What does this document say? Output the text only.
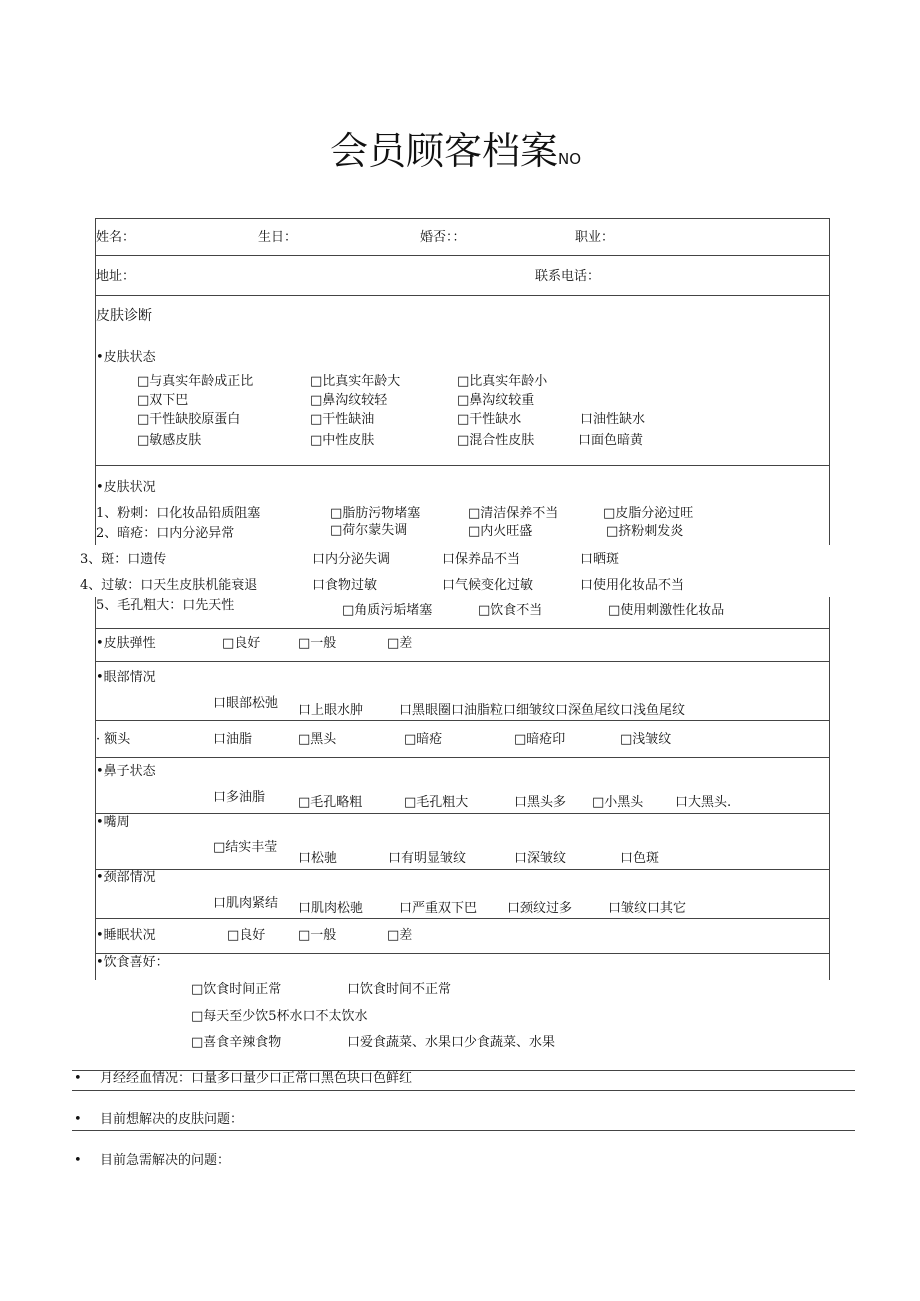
会员顾客档案NO
姓名：	生日：	婚否：：	职业：
地址：	联系电话：
皮肤诊断
•皮肤状态
□与真实年龄成正比	□比真实年龄大	□比真实年龄小
□双下巴	□鼻沟纹较轻	□鼻沟纹较重
□干性缺胶原蛋白	□干性缺油	□干性缺水	口油性缺水
□敏感皮肤	□中性皮肤	□混合性皮肤	口面色暗黄
•皮肤状况
1、粉刺：口化妆品铅质阻塞	□脂肪污物堵塞	□清洁保养不当	□皮脂分泌过旺
2、暗疮：口内分泌异常	□荷尔蒙失调	□内火旺盛	□挤粉刺发炎
3、斑：口遗传	口内分泌失调	口保养品不当	口晒斑
4、过敏：口天生皮肤机能衰退	口食物过敏	口气候变化过敏	口使用化妆品不当
5、毛孔粗大：口先天性	□角质污垢堵塞	□饮食不当	□使用刺激性化妆品
•皮肤弹性	□良好	□一般	□差
•眼部情况
口眼部松弛 口上眼水肿	口黑眼圈口油脂粒口细皱纹口深鱼尾纹口浅鱼尾纹
· 额头	口油脂	□黑头	□暗疮	□暗疮印	□浅皱纹
•鼻子状态
口多油脂	□毛孔略粗	□毛孔粗大	口黑头多 □小黑头 口大黑头.
•嘴周
□结实丰莹
口松驰	口有明显皱纹	口深皱纹	口色斑
•颈部情况
口肌肉紧结 口肌肉松驰	口严重双下巴 口颈纹过多	口皱纹口其它
•睡眠状况	□良好	□一般	□差
•饮食喜好：
□饮食时间正常	口饮食时间不正常
□每天至少饮5杯水口不太饮水
□喜食辛辣食物	口爱食蔬菜、水果口少食蔬菜、水果
• 月经经血情况：口量多口量少口正常口黑色块口色鲜红
• 目前想解决的皮肤问题：
• 目前急需解决的问题：
